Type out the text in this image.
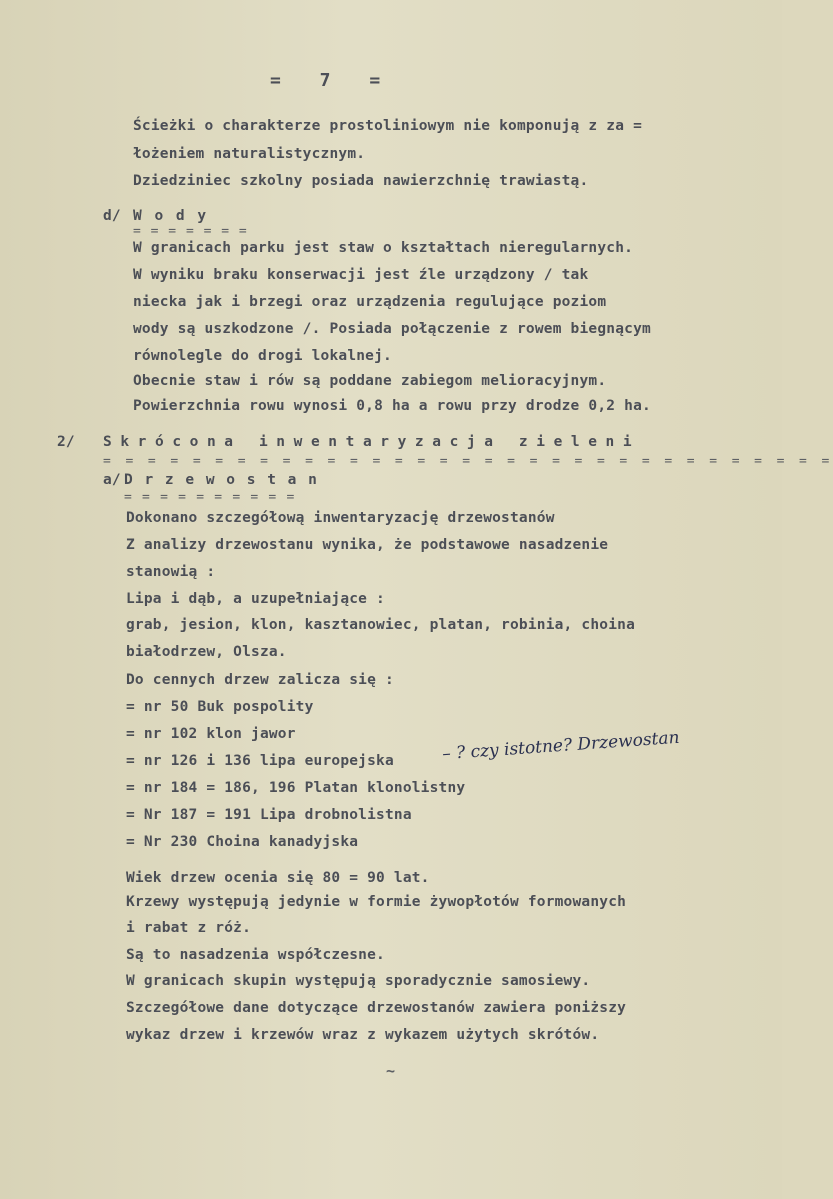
= 7 =
Ścieżki o charakterze prostoliniowym nie komponują z za =
łożeniem naturalistycznym.
Dziedziniec szkolny posiada nawierzchnię trawiastą.
d/ W o d y
= = = = = = =
W granicach parku jest staw o kształtach nieregularnych.
W wyniku braku konserwacji jest źle urządzony / tak
niecka jak i brzegi oraz urządzenia regulujące poziom
wody są uszkodzone /. Posiada połączenie z rowem biegnącym
równolegle do drogi lokalnej.
Obecnie staw i rów są poddane zabiegom melioracyjnym.
Powierzchnia rowu wynosi 0,8 ha a rowu przy drodze 0,2 ha.
2/ Skrócona inwentaryzacja zieleni
= = = = = = = = = = = = = = = = = = = = = = = = = = = = = = = = =
a/ D r z e w o s t a n
= = = = = = = = = =
Dokonano szczegółową inwentaryzację drzewostanów
Z analizy drzewostanu wynika, że podstawowe nasadzenie
stanowią :
Lipa i dąb, a uzupełniające :
grab, jesion, klon, kasztanowiec, platan, robinia, choina
białodrzew, Olsza.
Do cennych drzew zalicza się :
= nr 50 Buk pospolity
= nr 102 klon jawor
= nr 126 i 136 lipa europejska	– ? czy istotne? Drzewostan
= nr 184 = 186, 196 Platan klonolistny
= Nr 187 = 191 Lipa drobnolistna
= Nr 230 Choina kanadyjska
Wiek drzew ocenia się 80 = 90 lat.
Krzewy występują jedynie w formie żywopłotów formowanych
i rabat z róż.
Są to nasadzenia współczesne.
W granicach skupin występują sporadycznie samosiewy.
Szczegółowe dane dotyczące drzewostanów zawiera poniższy
wykaz drzew i krzewów wraz z wykazem użytych skrótów.
~
